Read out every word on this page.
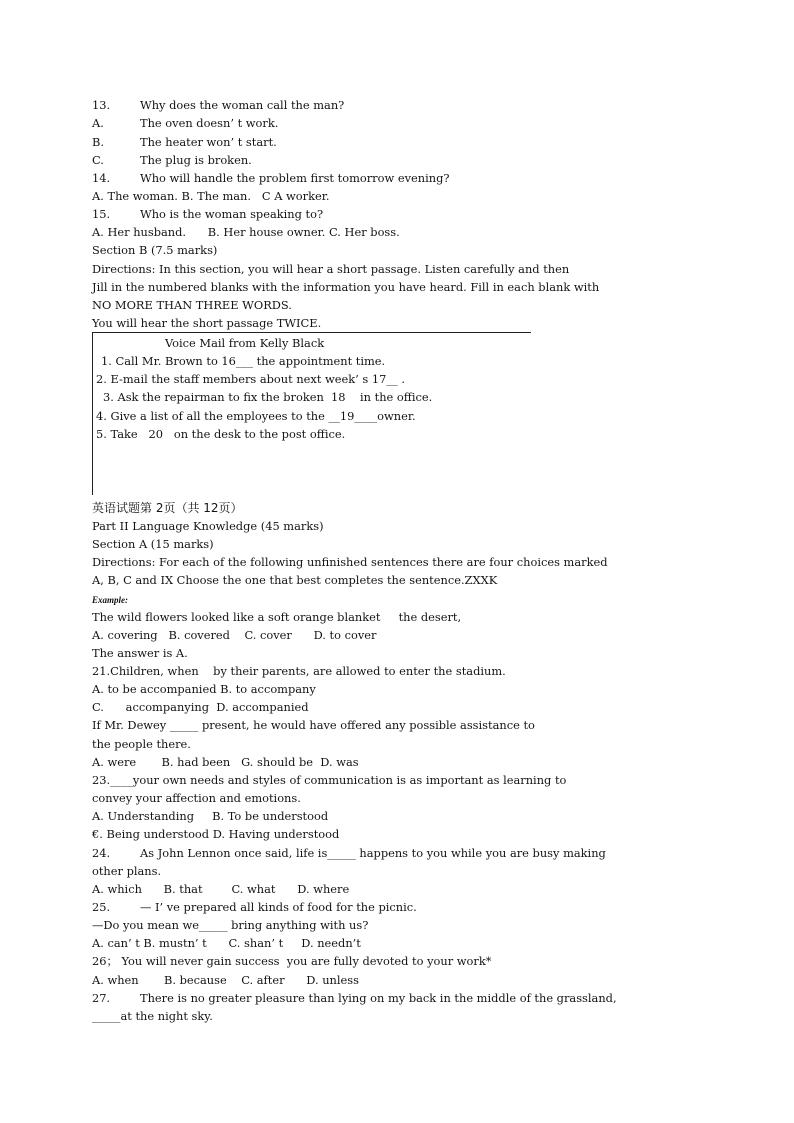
13.	Why does the woman call the man?
A.	The oven doesn’ t work.
B.	The heater won’ t start.
C.	The plug is broken.
14.	Who will handle the problem first tomorrow evening?
A. The woman. B. The man.   C A worker.
15.	Who is the woman speaking to?
A. Her husband.      B. Her house owner. C. Her boss.
Section B (7.5 marks)
Directions: In this section, you will hear a short passage. Listen carefully and then
Jill in the numbered blanks with the information you have heard. Fill in each blank with
NO MORE THAN THREE WORDS.
You will hear the short passage TWICE.
Voice Mail from Kelly Black
1. Call Mr. Brown to 16___ the appointment time.
2. E-mail the staff members about next week’ s 17__ .
3. Ask the repairman to fix the broken  18    in the office.
4. Give a list of all the employees to the __19____owner.
5. Take   20   on the desk to the post office.
英语试题第 2页（共 12页）
Part II Language Knowledge (45 marks)
Section A (15 marks)
Directions: For each of the following unfinished sentences there are four choices marked
A, B, C and IX Choose the one that best completes the sentence.ZXXK
Example:
The wild flowers looked like a soft orange blanket     the desert,
A. covering   B. covered    C. cover      D. to cover
The answer is A.
21.Children, when    by their parents, are allowed to enter the stadium.
A. to be accompanied B. to accompany
C.      accompanying  D. accompanied
If Mr. Dewey _____ present, he would have offered any possible assistance to
the people there.
A. were       B. had been   G. should be  D. was
23.____your own needs and styles of communication is as important as learning to
convey your affection and emotions.
A. Understanding     B. To be understood
€. Being understood D. Having understood
24.	As John Lennon once said, life is_____ happens to you while you are busy making
other plans.
A. which      B. that        C. what      D. where
25.	— I’ ve prepared all kinds of food for the picnic.
—Do you mean we_____ bring anything with us?
A. can’ t B. mustn’ t      C. shan’ t     D. needn’t
26； You will never gain success  you are fully devoted to your work*
A. when       B. because    C. after      D. unless
27.	There is no greater pleasure than lying on my back in the middle of the grassland,
_____at the night sky.
